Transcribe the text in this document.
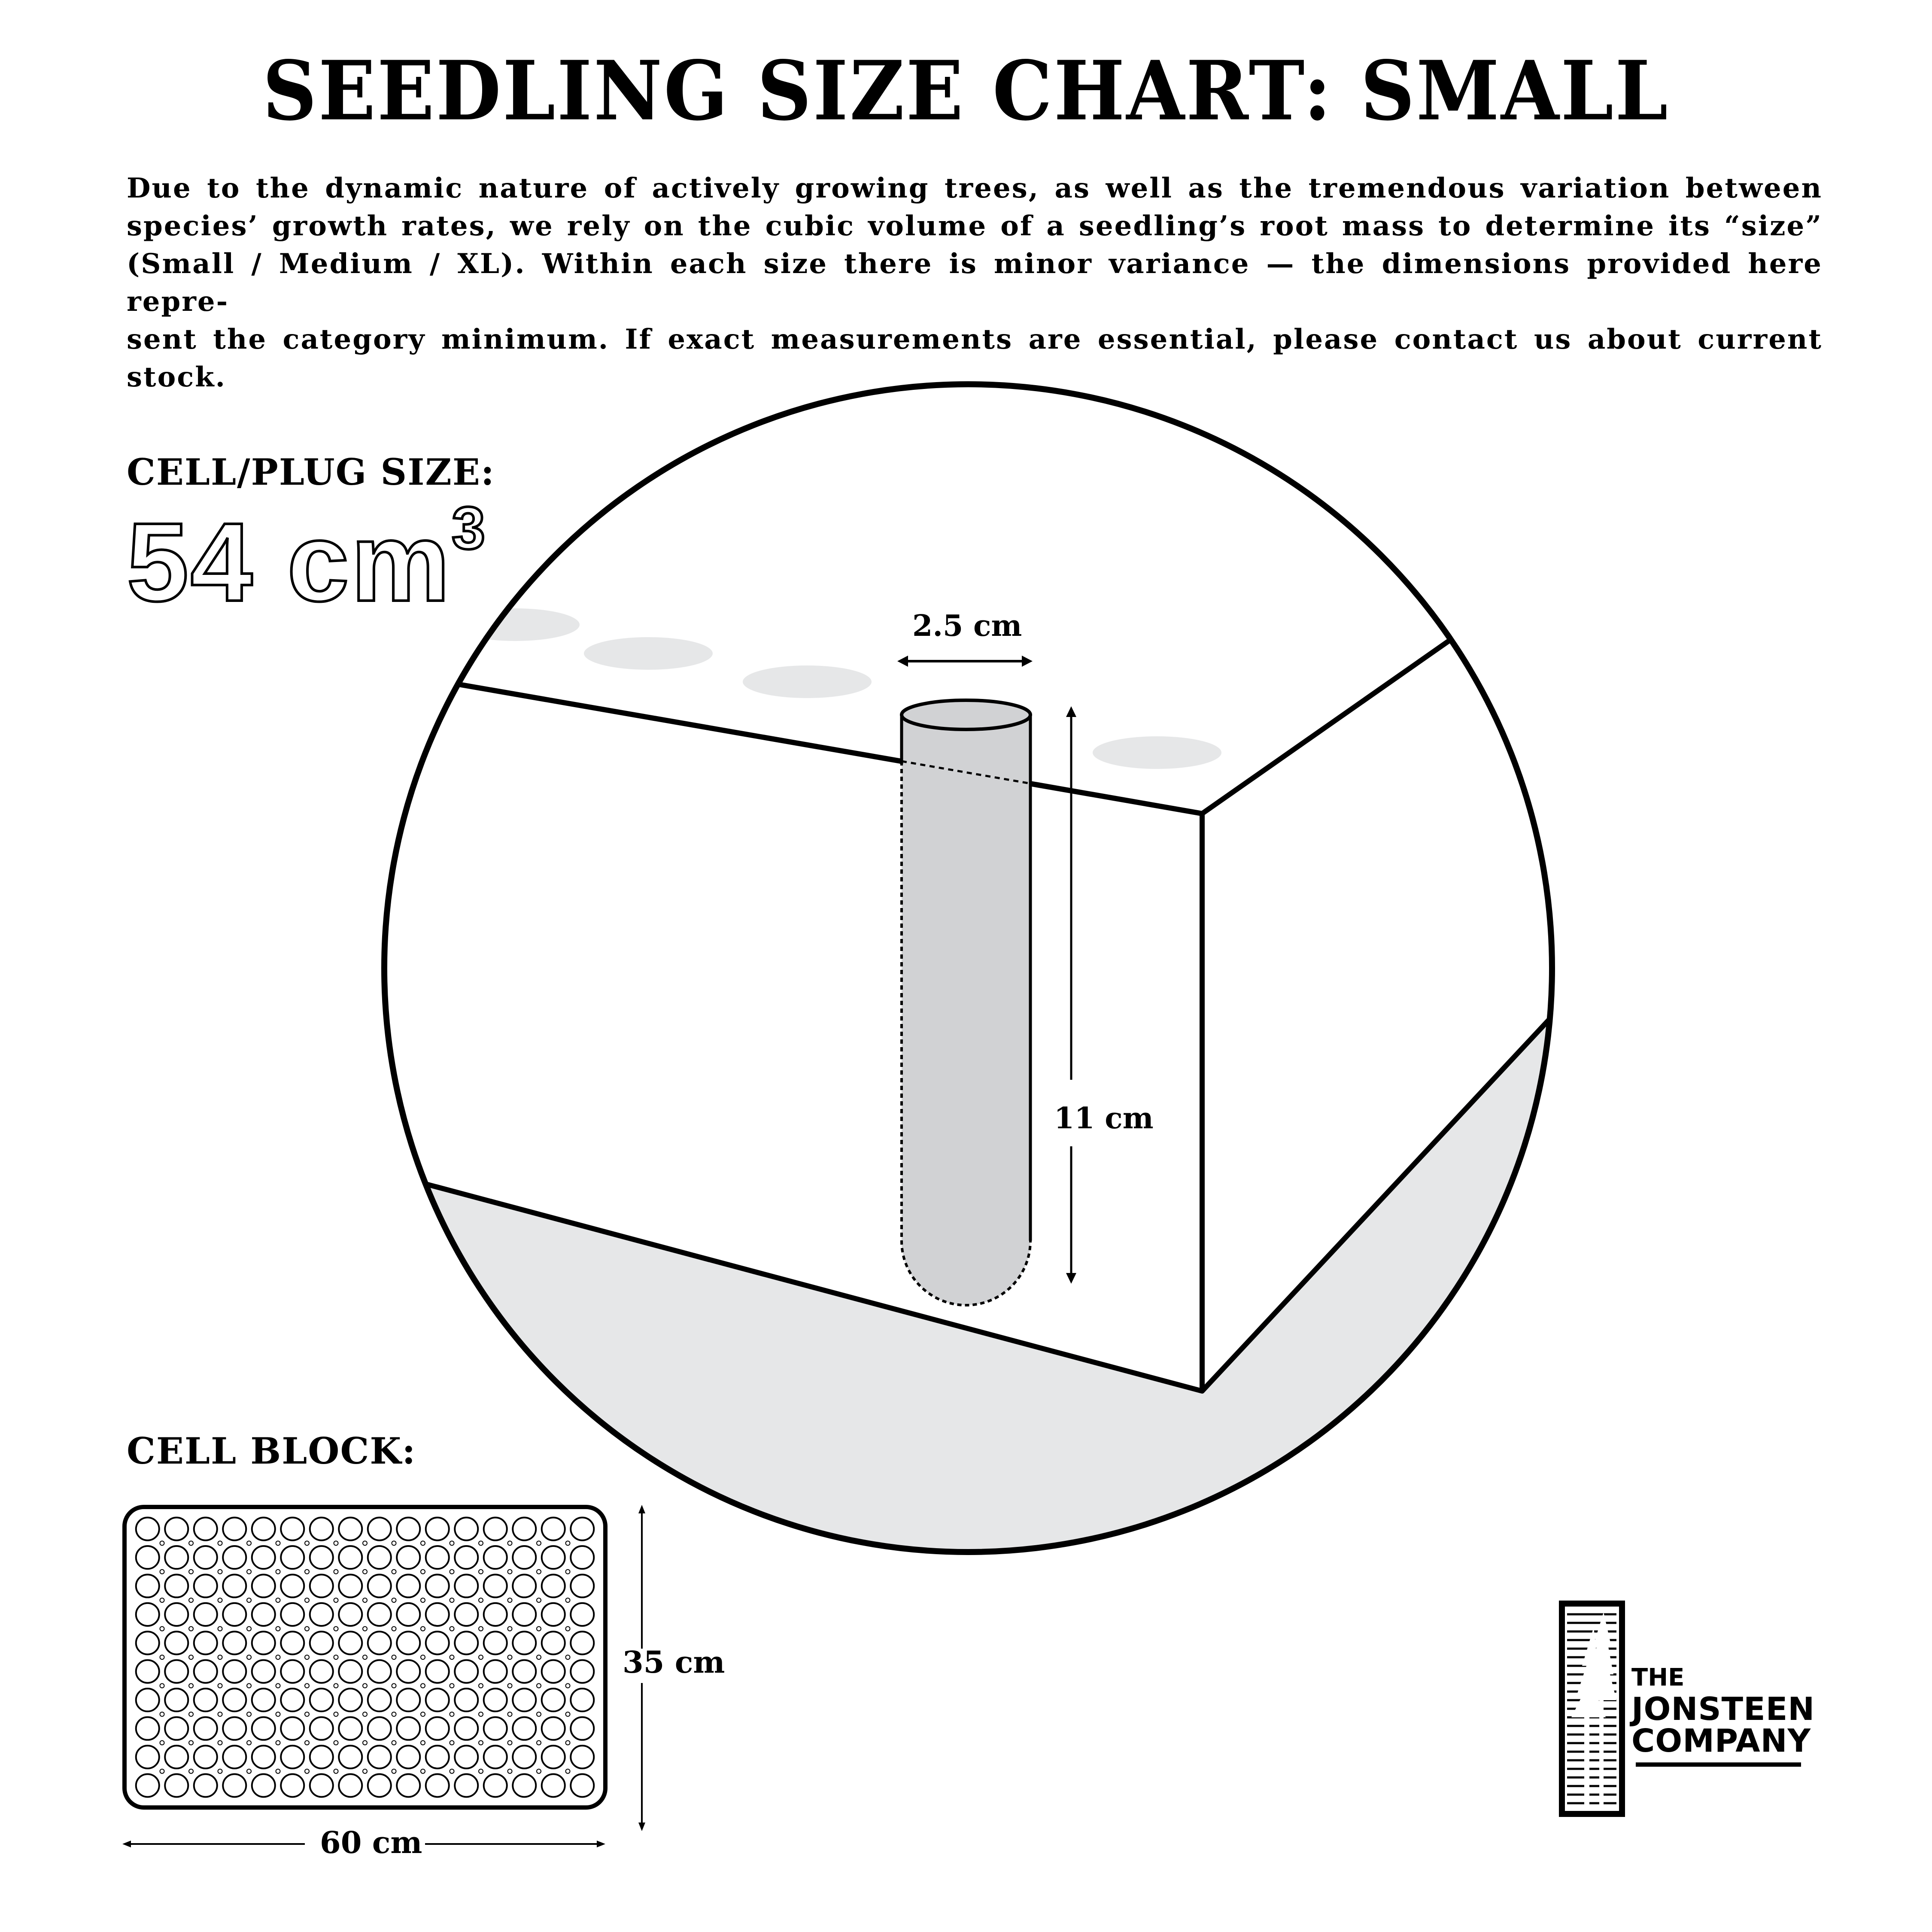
SEEDLING SIZE CHART: SMALL
Due to the dynamic nature of actively growing trees, as well as the tremendous variation between
species’ growth rates, we rely on the cubic volume of a seedling’s root mass to determine its “size”
(Small / Medium / XL). Within each size there is minor variance — the dimensions provided here repre-
sent the category minimum. If exact measurements are essential, please contact us about current stock.
CELL/PLUG SIZE:
54 $cm^3$
2.5 cm
11 cm
CELL BLOCK:
35 cm
60 cm
THE
JONSTEEN
COMPANY
